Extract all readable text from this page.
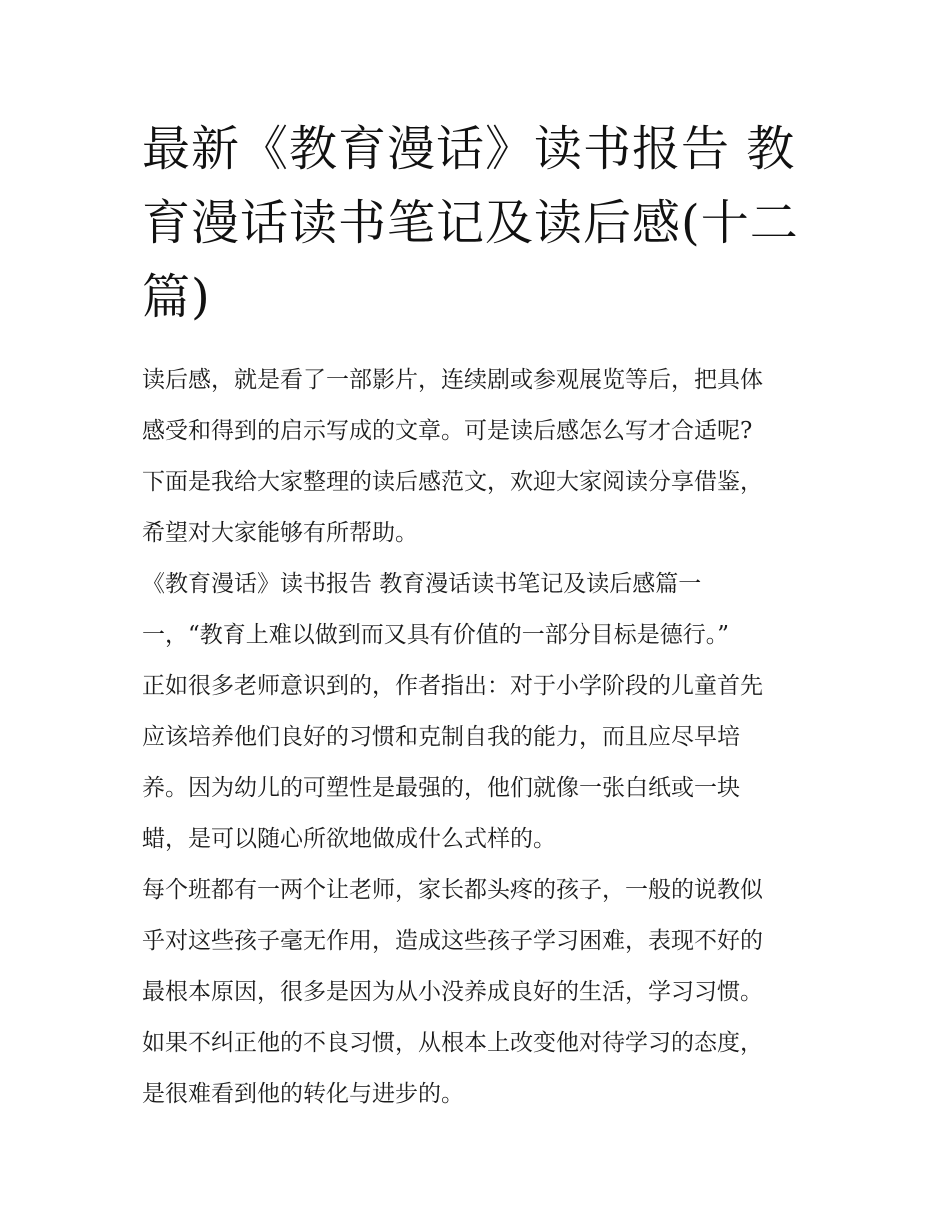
最新《教育漫话》读书报告 教育漫话读书笔记及读后感(十二篇)

读后感，就是看了一部影片，连续剧或参观展览等后，把具体

感受和得到的启示写成的文章。可是读后感怎么写才合适呢?

下面是我给大家整理的读后感范文，欢迎大家阅读分享借鉴，

希望对大家能够有所帮助。

《教育漫话》读书报告 教育漫话读书笔记及读后感篇一

一，“教育上难以做到而又具有价值的一部分目标是德行。”

正如很多老师意识到的，作者指出：对于小学阶段的儿童首先

应该培养他们良好的习惯和克制自我的能力，而且应尽早培

养。因为幼儿的可塑性是最强的，他们就像一张白纸或一块

蜡，是可以随心所欲地做成什么式样的。

每个班都有一两个让老师，家长都头疼的孩子，一般的说教似

乎对这些孩子毫无作用，造成这些孩子学习困难，表现不好的

最根本原因，很多是因为从小没养成良好的生活，学习习惯。

如果不纠正他的不良习惯，从根本上改变他对待学习的态度，

是很难看到他的转化与进步的。
